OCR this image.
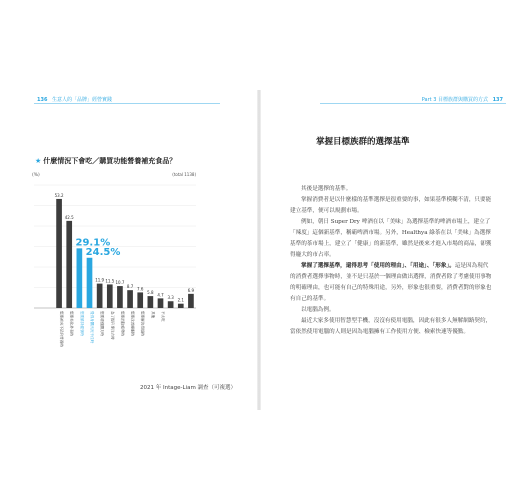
136 生意人的「品牌」經營實踐	Part 3 目標族群與購買的方式 137
★ 什麼情況下會吃／購買功能營養補充食品？
(%)	(total 1138)
53.2
42.5
11.9 11.5 10.7
8.7 7.6
5.8 4.7
3.3 2.1
6.9
想要補充不足的營養時 想要美化外表時 想要維持健康時 覺得身體狀況不佳時 想要增強體力時 為了提升專注力時 想要消除疲勞時 想要改善睡眠時 想要解決煩惱時 其他 不太吃
29.1%
24.5%
2021 年 Intage-Liam 調查（可複選）
掌握目標族群的選擇基準

其後是選擇的基準。

掌握消費者是以什麼樣的基準選擇是很重要的事，如果基準模糊不清，只要能建立基準，便可以規劃市場。

例如，朝日 Super Dry 啤酒在以「美味」為選擇基準的啤酒市場上，建立了「辣度」這個新基準，稱霸啤酒市場。另外，Healthya 綠茶在以「美味」為選擇基準的茶市場上，建立了「健康」的新基準，雖然是後來才進入市場的商品，卻獲得龐大的市占率。

掌握了選擇基準，還得思考「使用的理由」、「用途」、「形象」。這是因為現代的消費者選擇事物時，並不是只基於一個理由做出選擇，消費者除了考慮使用事物的明確理由，也可能有自己的特殊用途，另外，形象也很重要，消費者對的形象也有自己的基準。

以電腦為例。

最近大家多使用智慧型手機，沒沒有使用電腦，因此有很多人無解網路契約，當依然使用電腦的人則是因為電腦擁有工作使用方便、檢索快速等優點。
